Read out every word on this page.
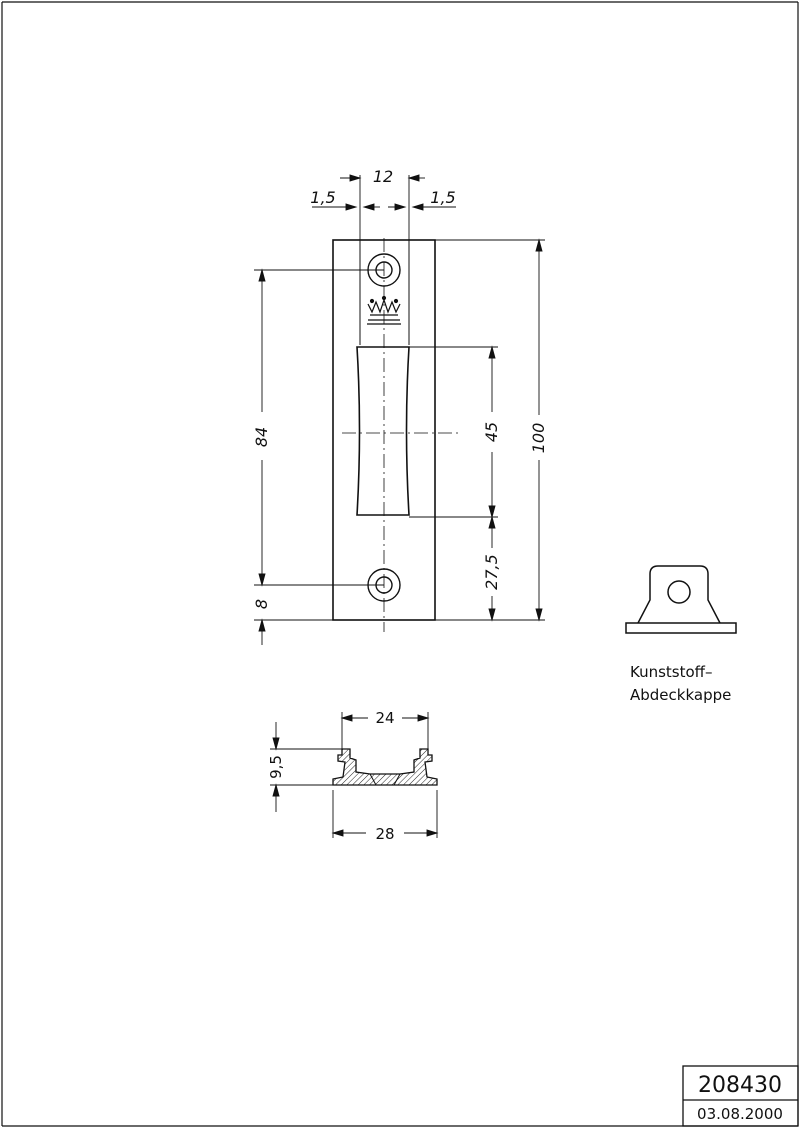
12
1,5	1,5
84
8
45
27,5
100
Kunststoff–
Abdeckkappe
24
28
9,5
208430
03.08.2000
